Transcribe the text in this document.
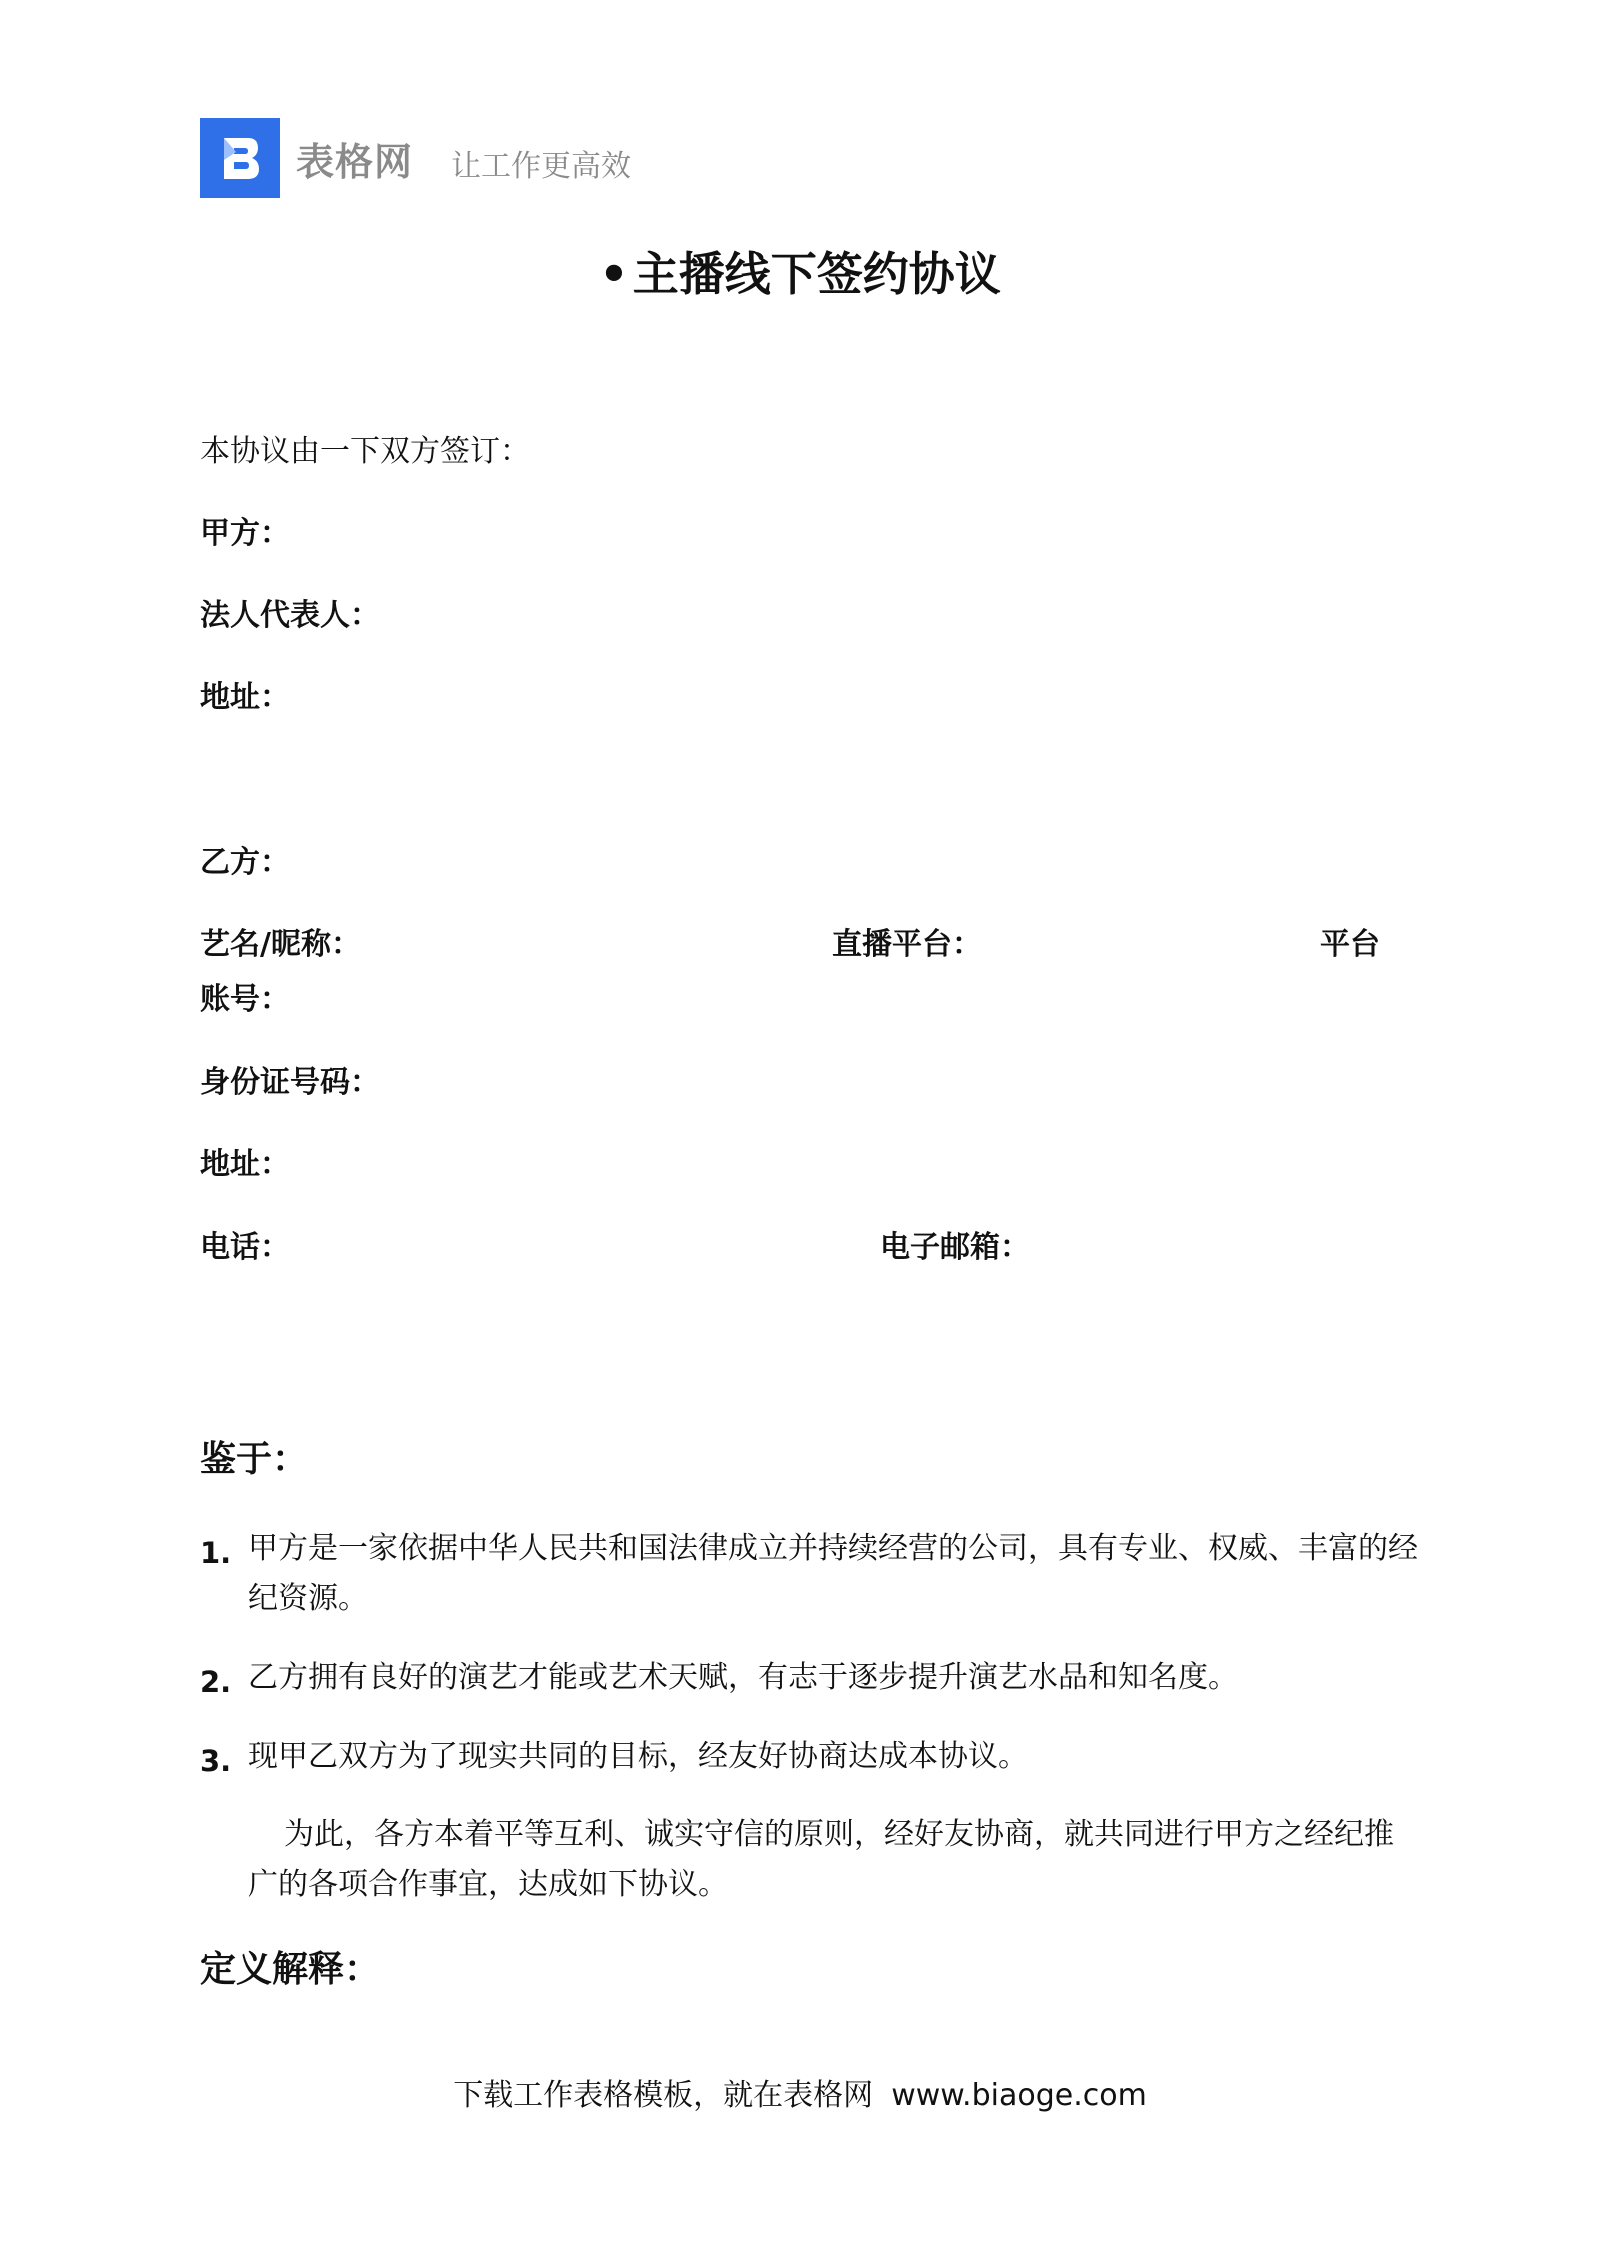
表格网 让工作更高效
•主播线下签约协议
本协议由一下双方签订：
甲方：
法人代表人：
地址：
乙方：
艺名/昵称：	直播平台：	平台
账号：
身份证号码：
地址：
电话：	电子邮箱：
鉴于：
1. 甲方是一家依据中华人民共和国法律成立并持续经营的公司，具有专业、权威、丰富的经纪资源。
2. 乙方拥有良好的演艺才能或艺术天赋，有志于逐步提升演艺水品和知名度。
3. 现甲乙双方为了现实共同的目标，经友好协商达成本协议。
为此，各方本着平等互利、诚实守信的原则，经好友协商，就共同进行甲方之经纪推广的各项合作事宜，达成如下协议。
定义解释：
下载工作表格模板，就在表格网 www.biaoge.com
